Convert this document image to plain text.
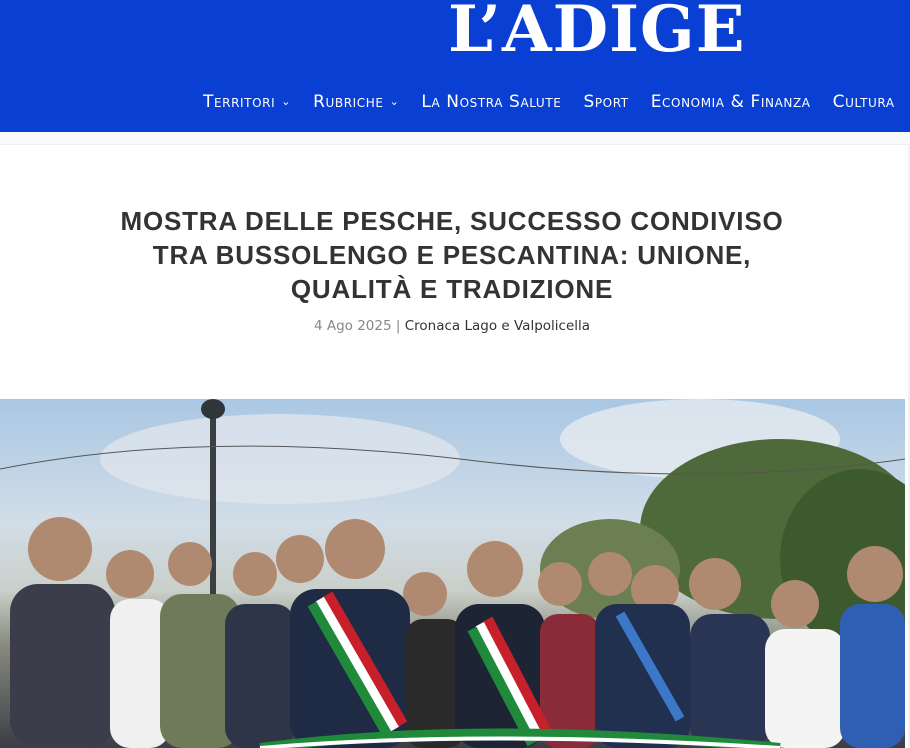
L’ADIGE
Territori ⌄ Rubriche ⌄ La Nostra Salute Sport Economia & Finanza Cultura
MOSTRA DELLE PESCHE, SUCCESSO CONDIVISO TRA BUSSOLENGO E PESCANTINA: UNIONE, QUALITÀ E TRADIZIONE
4 Ago 2025 | Cronaca Lago e Valpolicella
